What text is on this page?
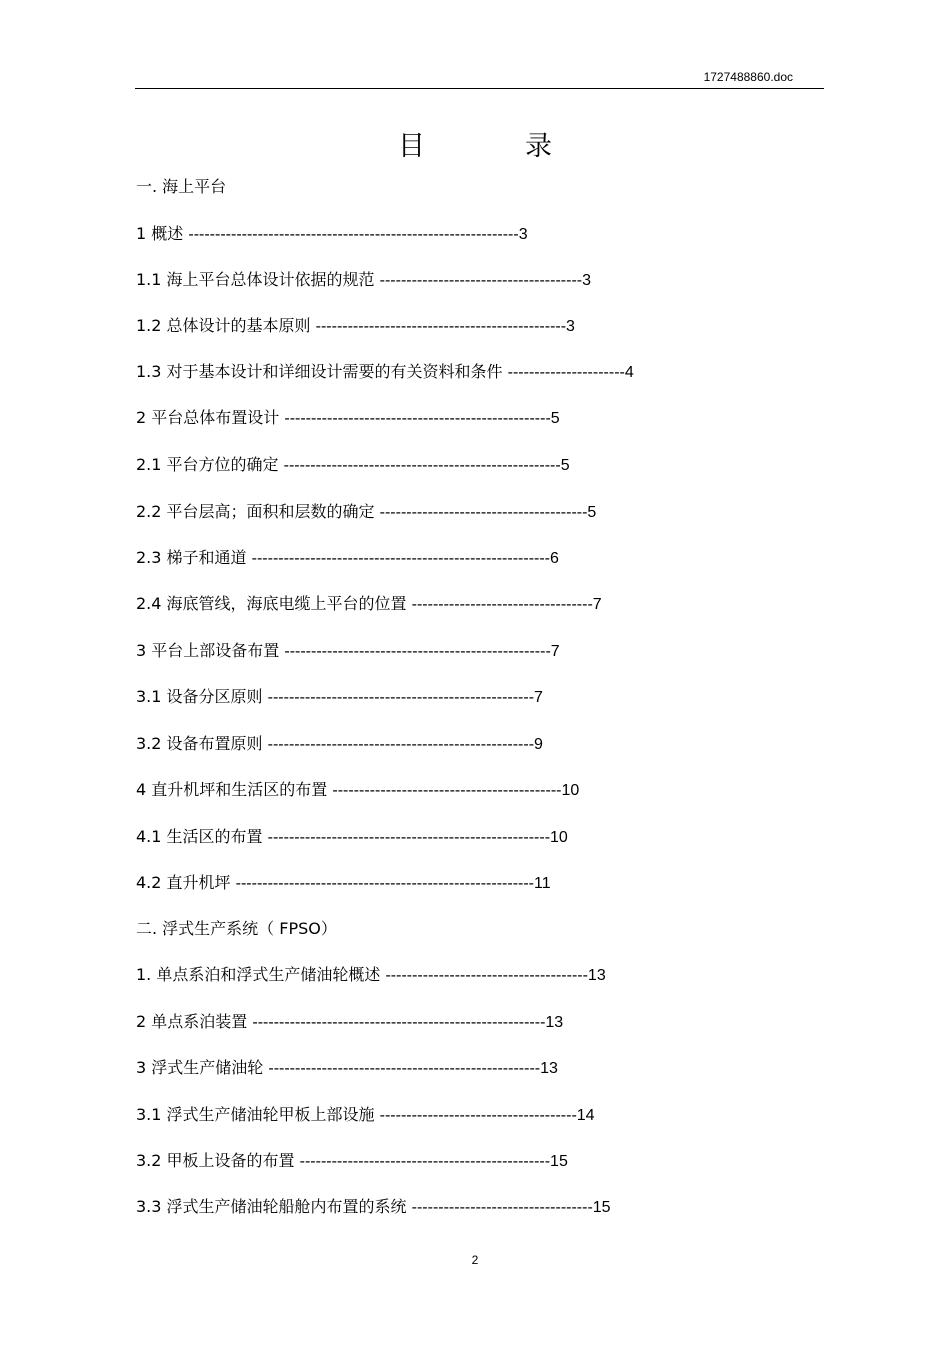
1727488860.doc
目	录
一. 海上平台
1 概述 --------------------------------------------------------------3
1.1 海上平台总体设计依据的规范 --------------------------------------3
1.2 总体设计的基本原则 -----------------------------------------------3
1.3 对于基本设计和详细设计需要的有关资料和条件 ----------------------4
2 平台总体布置设计 --------------------------------------------------5
2.1 平台方位的确定 ----------------------------------------------------5
2.2 平台层高；面积和层数的确定 ---------------------------------------5
2.3 梯子和通道 --------------------------------------------------------6
2.4 海底管线，海底电缆上平台的位置 ----------------------------------7
3 平台上部设备布置 --------------------------------------------------7
3.1 设备分区原则 --------------------------------------------------7
3.2 设备布置原则 --------------------------------------------------9
4 直升机坪和生活区的布置 -------------------------------------------10
4.1 生活区的布置 -----------------------------------------------------10
4.2 直升机坪 --------------------------------------------------------11
二. 浮式生产系统（ FPSO）
1. 单点系泊和浮式生产储油轮概述 --------------------------------------13
2 单点系泊装置 -------------------------------------------------------13
3 浮式生产储油轮 ---------------------------------------------------13
3.1 浮式生产储油轮甲板上部设施 -------------------------------------14
3.2 甲板上设备的布置 -----------------------------------------------15
3.3 浮式生产储油轮船舱内布置的系统 ----------------------------------15
2
